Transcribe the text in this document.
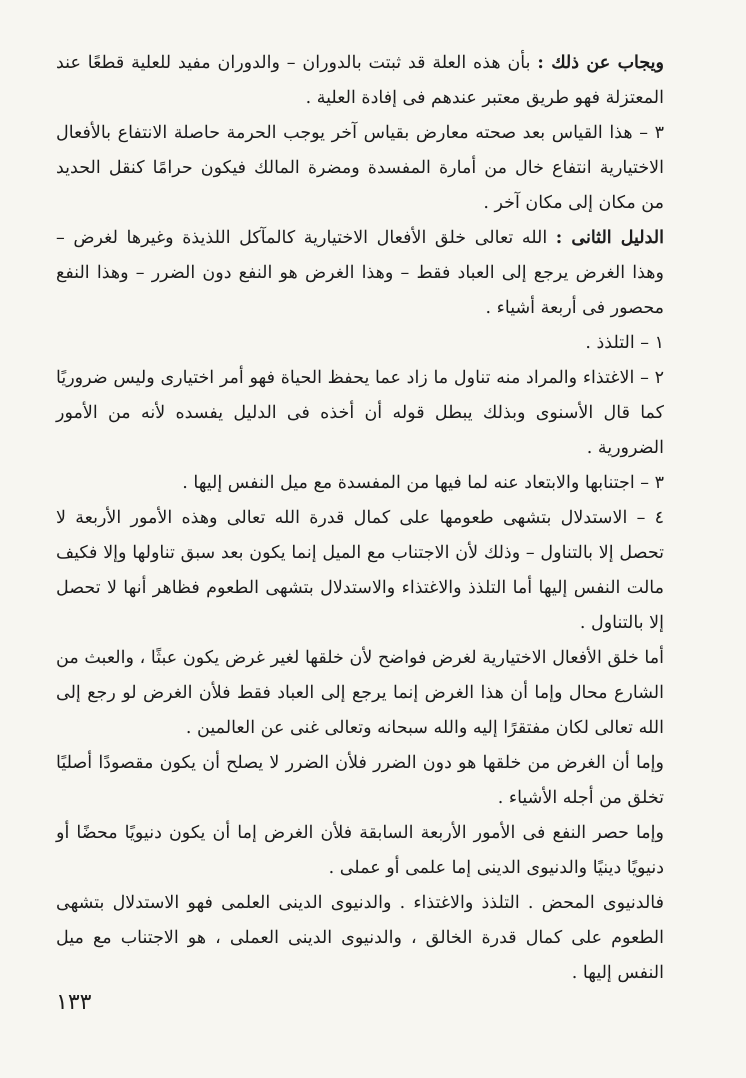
ويجاب عن ذلك : بأن هذه العلة قد ثبتت بالدوران – والدوران مفيد للعلية قطعًا عند المعتزلة فهو طريق معتبر عندهم فى إفادة العلية .

٣ – هذا القياس بعد صحته معارض بقياس آخر يوجب الحرمة حاصلة الانتفاع بالأفعال الاختيارية انتفاع خال من أمارة المفسدة ومضرة المالك فيكون حرامًا كنقل الحديد من مكان إلى مكان آخر .

الدليل الثانى : الله تعالى خلق الأفعال الاختيارية كالمآكل اللذيذة وغيرها لغرض – وهذا الغرض يرجع إلى العباد فقط – وهذا الغرض هو النفع دون الضرر – وهذا النفع محصور فى أربعة أشياء .

١ – التلذذ .

٢ – الاغتذاء والمراد منه تناول ما زاد عما يحفظ الحياة فهو أمر اختيارى وليس ضروريًا كما قال الأسنوى وبذلك يبطل قوله أن أخذه فى الدليل يفسده لأنه من الأمور الضرورية .

٣ – اجتنابها والابتعاد عنه لما فيها من المفسدة مع ميل النفس إليها .

٤ – الاستدلال بتشهى طعومها على كمال قدرة الله تعالى وهذه الأمور الأربعة لا تحصل إلا بالتناول – وذلك لأن الاجتناب مع الميل إنما يكون بعد سبق تناولها وإلا فكيف مالت النفس إليها أما التلذذ والاغتذاء والاستدلال بتشهى الطعوم فظاهر أنها لا تحصل إلا بالتناول .

أما خلق الأفعال الاختيارية لغرض فواضح لأن خلقها لغير غرض يكون عبثًا ، والعبث من الشارع محال وإما أن هذا الغرض إنما يرجع إلى العباد فقط فلأن الغرض لو رجع إلى الله تعالى لكان مفتقرًا إليه والله سبحانه وتعالى غنى عن العالمين .

وإما أن الغرض من خلقها هو دون الضرر فلأن الضرر لا يصلح أن يكون مقصودًا أصليًا تخلق من أجله الأشياء .

وإما حصر النفع فى الأمور الأربعة السابقة فلأن الغرض إما أن يكون دنيويًا محضًا أو دنيويًا دينيًا والدنيوى الدينى إما علمى أو عملى .

فالدنيوى المحض . التلذذ والاغتذاء . والدنيوى الدينى العلمى فهو الاستدلال بتشهى الطعوم على كمال قدرة الخالق ، والدنيوى الدينى العملى ، هو الاجتناب مع ميل النفس إليها .

١٣٣
